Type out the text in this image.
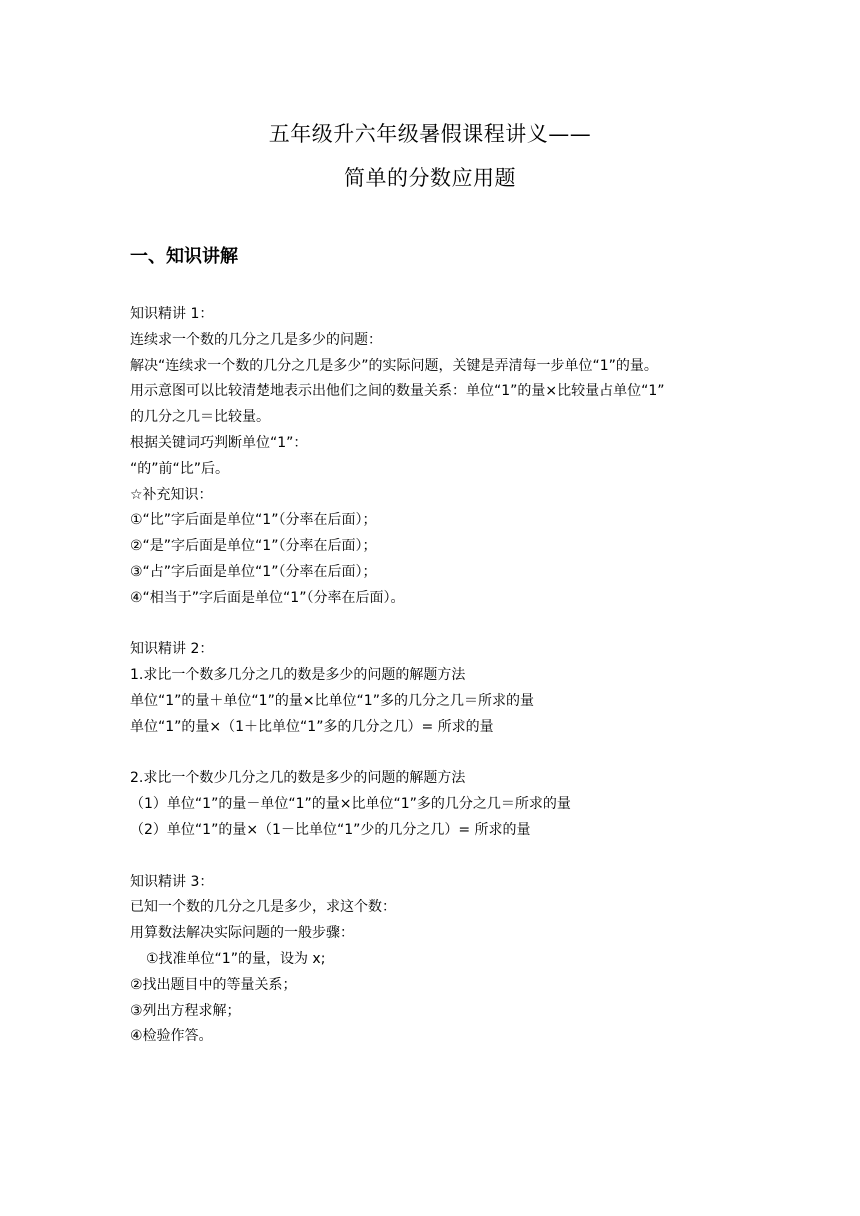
五年级升六年级暑假课程讲义——
简单的分数应用题
一、知识讲解
知识精讲 1：
连续求一个数的几分之几是多少的问题：
解决“连续求一个数的几分之几是多少”的实际问题，关键是弄清每一步单位“1”的量。
用示意图可以比较清楚地表示出他们之间的数量关系：单位“1”的量×比较量占单位“1”
的几分之几＝比较量。
根据关键词巧判断单位“1”：
“的”前“比”后。
☆补充知识：
①“比”字后面是单位“1”（分率在后面）；
②“是”字后面是单位“1”（分率在后面）；
③“占”字后面是单位“1”（分率在后面）；
④“相当于”字后面是单位“1”（分率在后面）。
知识精讲 2：
1.求比一个数多几分之几的数是多少的问题的解题方法
单位“1”的量＋单位“1”的量×比单位“1”多的几分之几＝所求的量
单位“1”的量×（1＋比单位“1”多的几分之几）= 所求的量
2.求比一个数少几分之几的数是多少的问题的解题方法
（1）单位“1”的量－单位“1”的量×比单位“1”多的几分之几＝所求的量
（2）单位“1”的量×（1－比单位“1”少的几分之几）= 所求的量
知识精讲 3：
已知一个数的几分之几是多少，求这个数：
用算数法解决实际问题的一般步骤：
①找准单位“1”的量，设为 x;
②找出题目中的等量关系；
③列出方程求解；
④检验作答。
